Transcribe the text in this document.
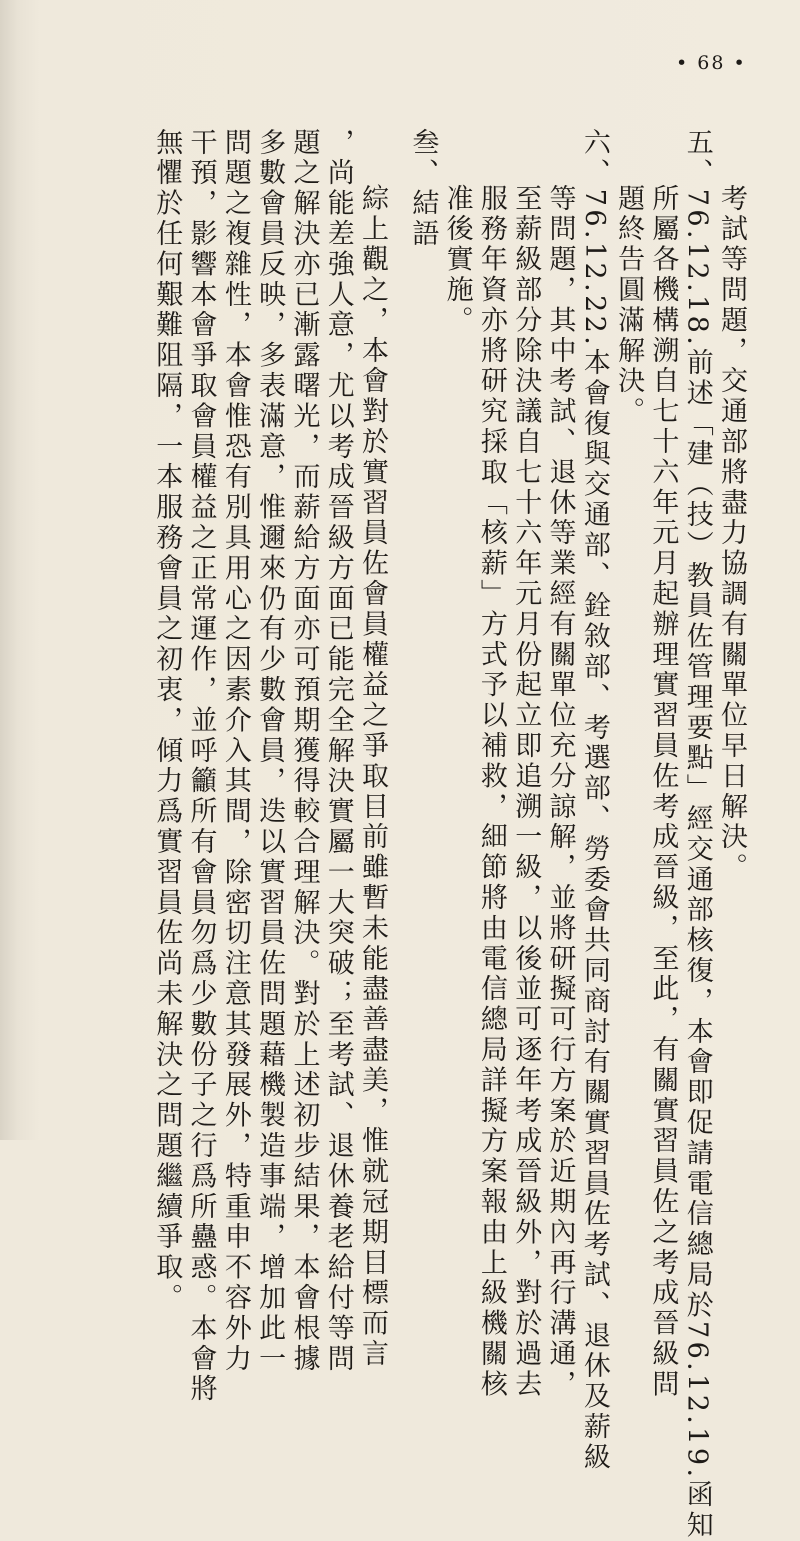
• 68 •
考試等問題，交通部將盡力協調有關單位早日解決。
五、76.12.18.前述「建（技）教員佐管理要點」經交通部核復，本會即促請電信總局於76.12.19.函知
所屬各機構溯自七十六年元月起辦理實習員佐考成晉級，至此，有關實習員佐之考成晉級問
題終告圓滿解決。
六、76.12.22.本會復與交通部、銓敘部、考選部、勞委會共同商討有關實習員佐考試、退休及薪級
等問題，其中考試、退休等業經有關單位充分諒解，並將研擬可行方案於近期內再行溝通，
至薪級部分除決議自七十六年元月份起立即追溯一級，以後並可逐年考成晉級外，對於過去
服務年資亦將研究採取「核薪」方式予以補救，細節將由電信總局詳擬方案報由上級機關核
准後實施。
叁、結語
綜上觀之，本會對於實習員佐會員權益之爭取目前雖暫未能盡善盡美，惟就冠期目標而言
，尚能差強人意，尤以考成晉級方面已能完全解決實屬一大突破；至考試、退休養老給付等問
題之解決亦已漸露曙光，而薪給方面亦可預期獲得較合理解決。對於上述初步結果，本會根據
多數會員反映，多表滿意，惟邇來仍有少數會員，迭以實習員佐問題藉機製造事端，增加此一
問題之複雜性，本會惟恐有別具用心之因素介入其間，除密切注意其發展外，特重申不容外力
干預，影響本會爭取會員權益之正常運作，並呼籲所有會員勿爲少數份子之行爲所蠱惑。本會將
無懼於任何艱難阻隔，一本服務會員之初衷，傾力爲實習員佐尚未解決之問題繼續爭取。
